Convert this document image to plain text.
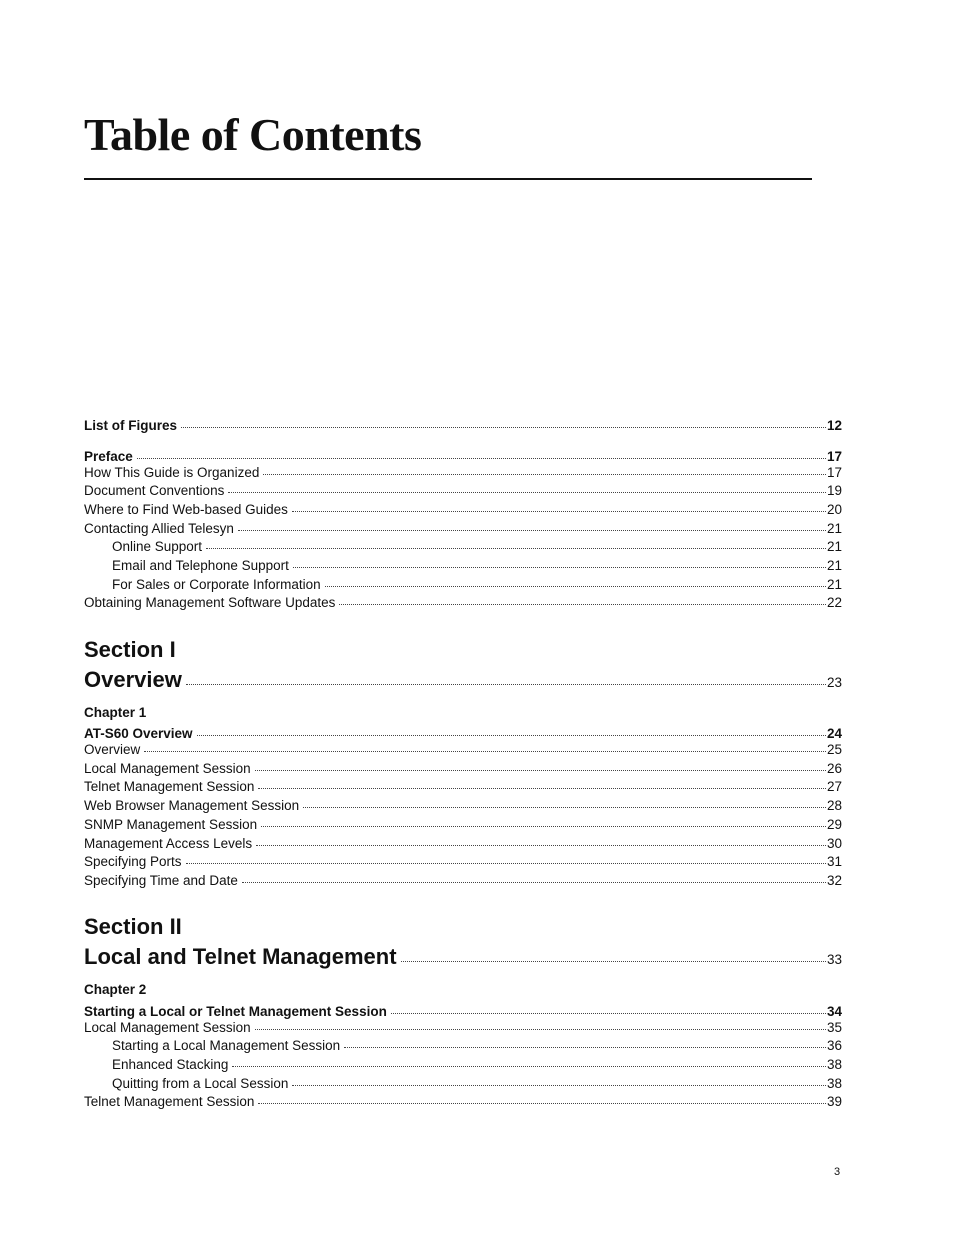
Table of Contents
List of Figures	12
Preface	17
How This Guide is Organized	17
Document Conventions	19
Where to Find Web-based Guides	20
Contacting Allied Telesyn	21
Online Support	21
Email and Telephone Support	21
For Sales or Corporate Information	21
Obtaining Management Software Updates	22
Section I
Overview	23
Chapter 1
AT-S60 Overview	24
Overview	25
Local Management Session	26
Telnet Management Session	27
Web Browser Management Session	28
SNMP Management Session	29
Management Access Levels	30
Specifying Ports	31
Specifying Time and Date	32
Section II
Local and Telnet Management	33
Chapter 2
Starting a Local or Telnet Management Session	34
Local Management Session	35
Starting a Local Management Session	36
Enhanced Stacking	38
Quitting from a Local Session	38
Telnet Management Session	39
3
